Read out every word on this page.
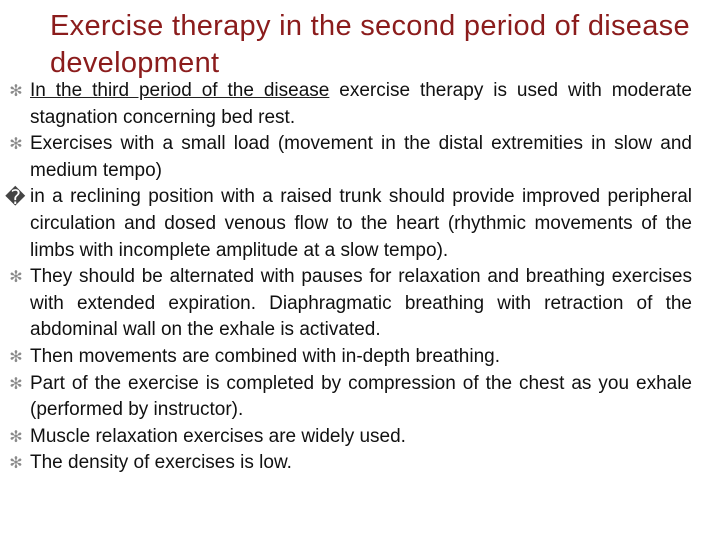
Exercise therapy in the second period of disease development
✻ In the third period of the disease exercise therapy is used with moderate stagnation concerning bed rest.
✻ Exercises with a small load (movement in the distal extremities in slow and medium tempo)
� in a reclining position with a raised trunk should provide improved peripheral circulation and dosed venous flow to the heart (rhythmic movements of the limbs with incomplete amplitude at a slow tempo).
✻ They should be alternated with pauses for relaxation and breathing exercises with extended expiration. Diaphragmatic breathing with retraction of the abdominal wall on the exhale is activated.
✻ Then movements are combined with in-depth breathing.
✻ Part of the exercise is completed by compression of the chest as you exhale (performed by instructor).
✻ Muscle relaxation exercises are widely used.
✻ The density of exercises is low.
